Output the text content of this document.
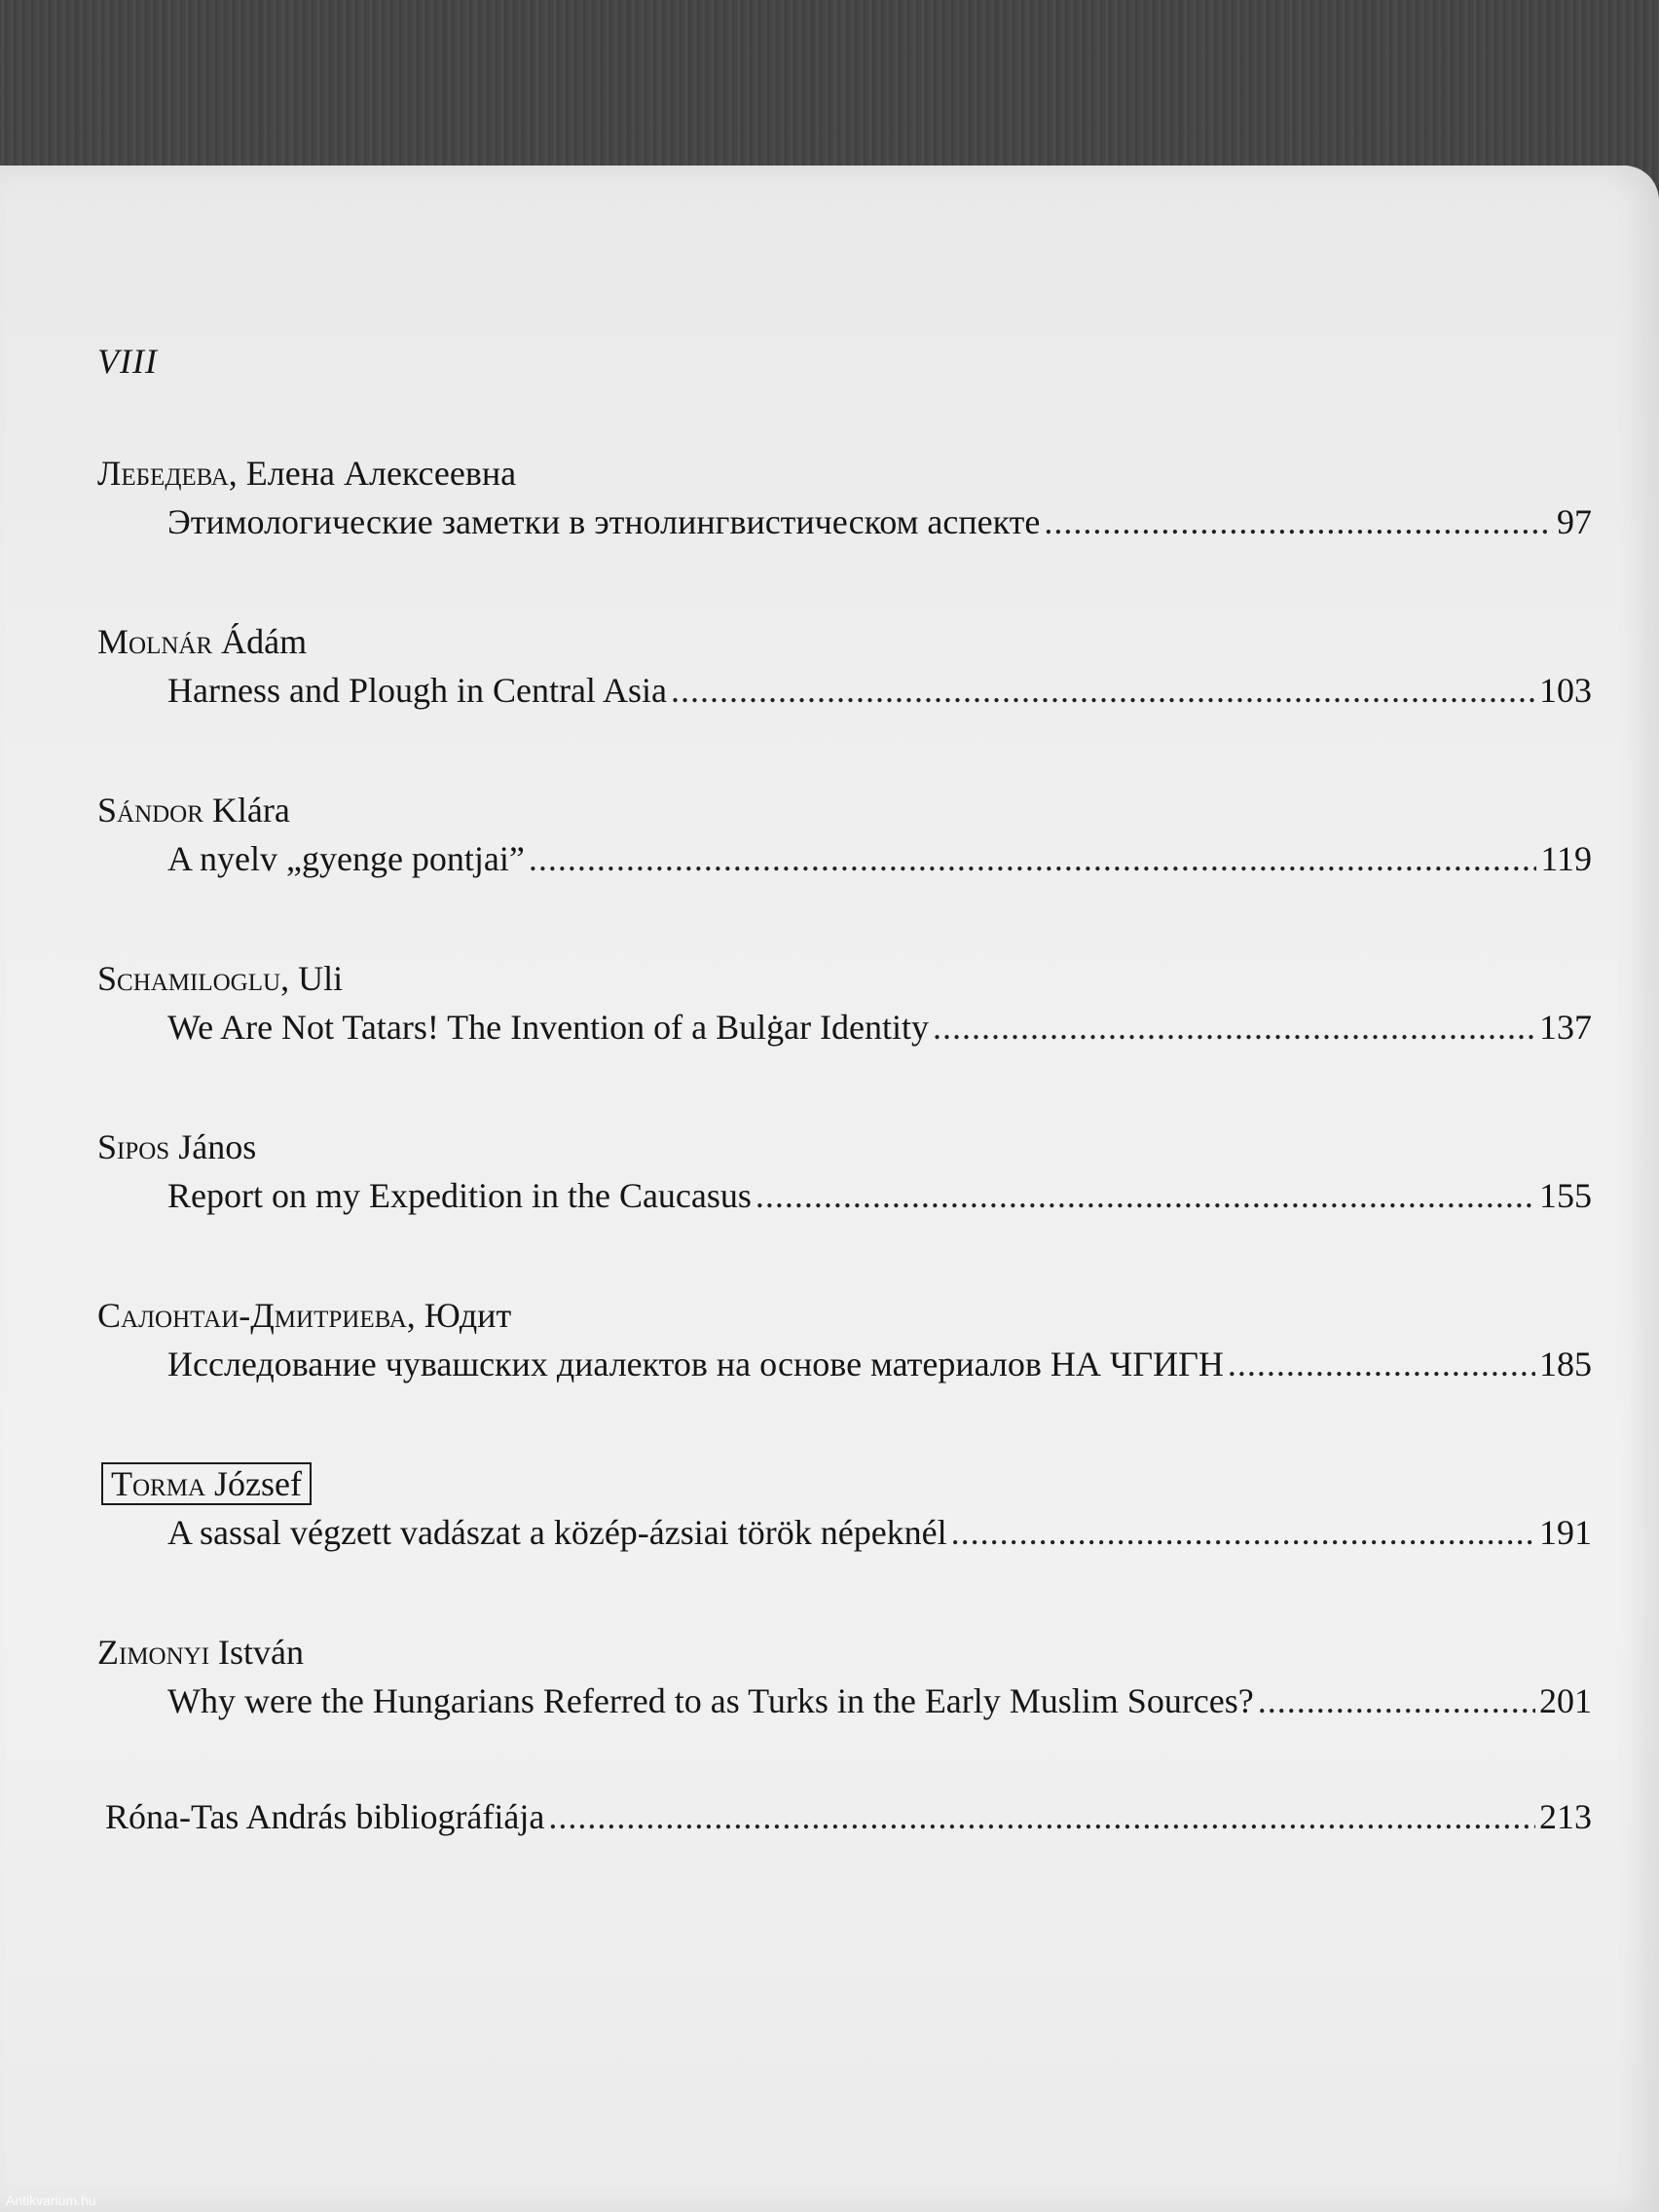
VIII
Лебедева, Елена Алексеевна
Этимологические заметки в этнолингвистическом аспекте .....	97
Molnár Ádám
Harness and Plough in Central Asia .....	103
Sándor Klára
A nyelv „gyenge pontjai” .....	119
Schamiloglu, Uli
We Are Not Tatars! The Invention of a Bulġar Identity .....	137
Sipos János
Report on my Expedition in the Caucasus .....	155
Салонтаи-Дмитриева, Юдит
Исследование чувашских диалектов на основе материалов НА ЧГИГН .....	185
Torma József
A sassal végzett vadászat a közép-ázsiai török népeknél .....	191
Zimonyi István
Why were the Hungarians Referred to as Turks in the Early Muslim Sources? .....	201
Róna-Tas András bibliográfiája .....	213
Antikvarium.hu
